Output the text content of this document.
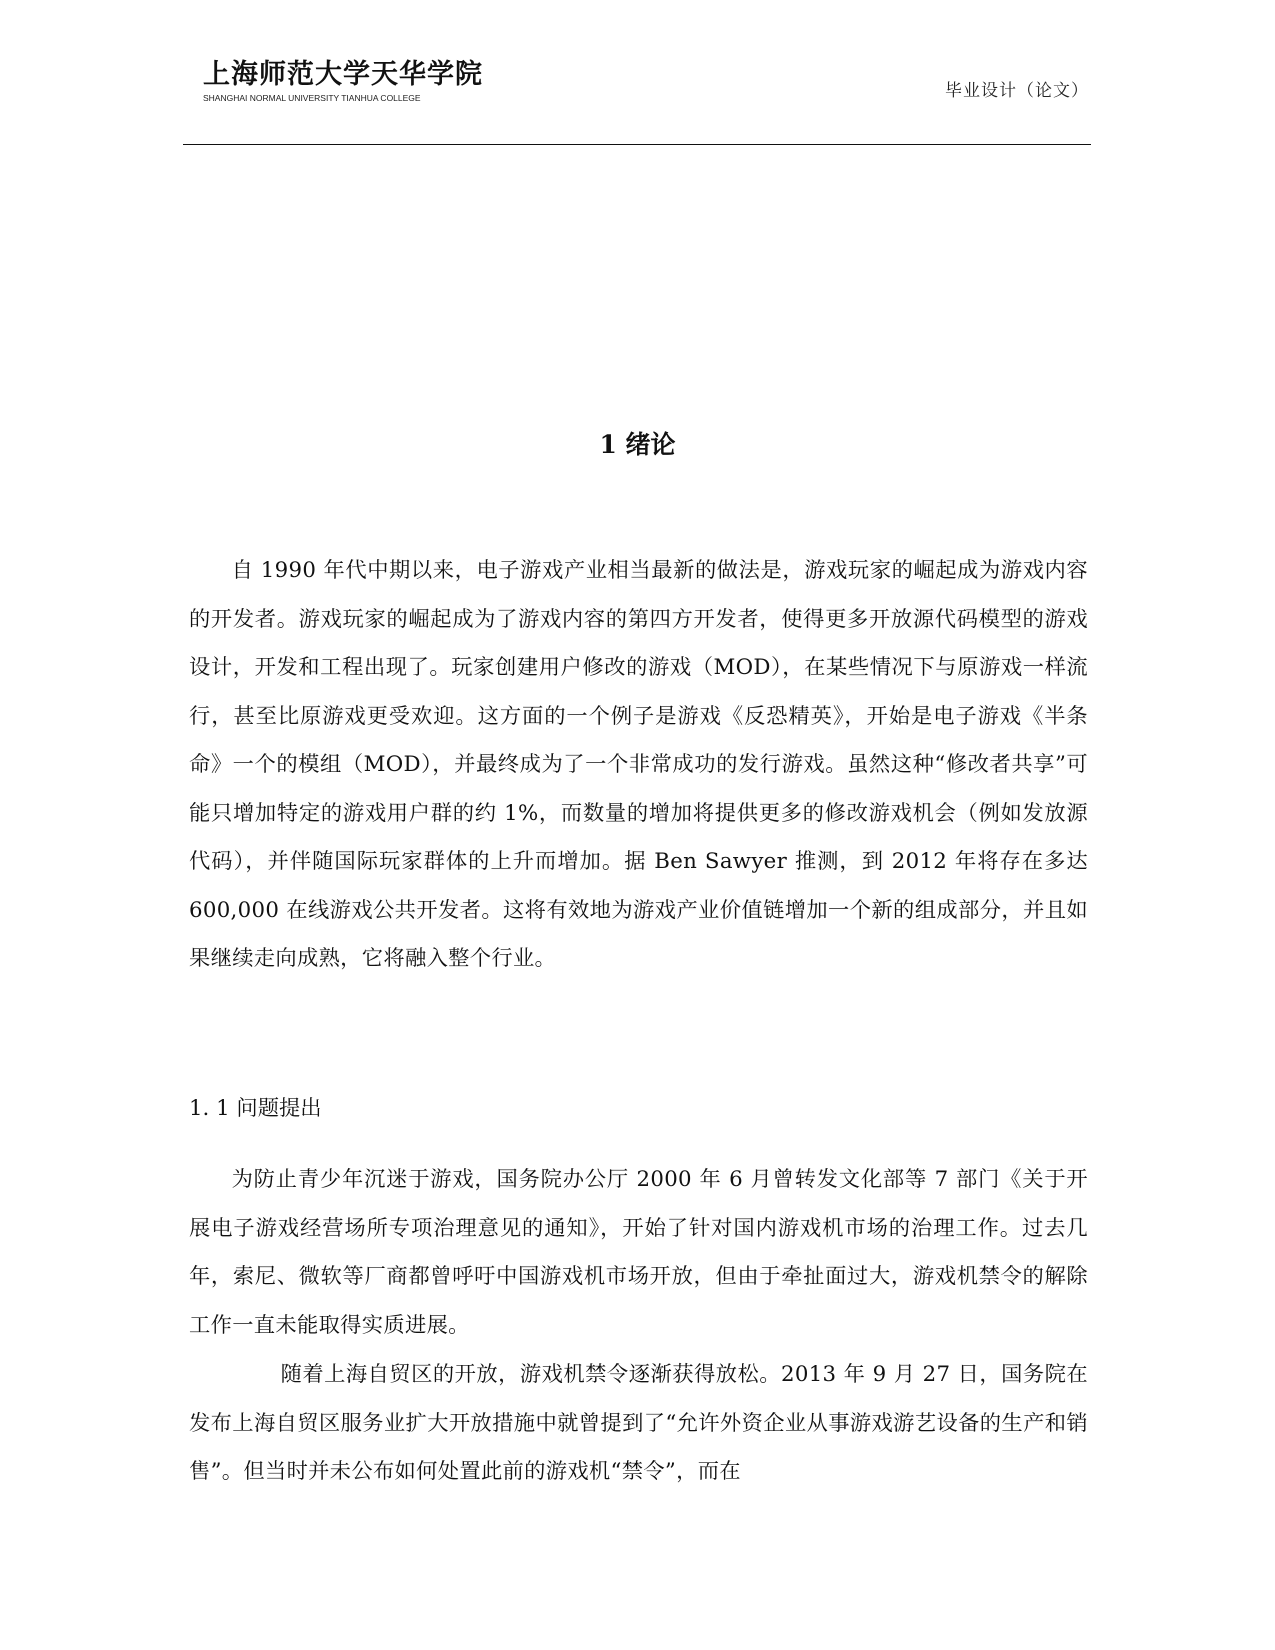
上海师范大学天华学院
SHANGHAI NORMAL UNIVERSITY TIANHUA COLLEGE	毕业设计（论文）
1 绪论

自 1990 年代中期以来，电子游戏产业相当最新的做法是，游戏玩家的崛起成为游戏内容的开发者。游戏玩家的崛起成为了游戏内容的第四方开发者，使得更多开放源代码模型的游戏设计，开发和工程出现了。玩家创建用户修改的游戏（MOD），在某些情况下与原游戏一样流行，甚至比原游戏更受欢迎。这方面的一个例子是游戏《反恐精英》，开始是电子游戏《半条命》一个的模组（MOD），并最终成为了一个非常成功的发行游戏。虽然这种“修改者共享”可能只增加特定的游戏用户群的约 1%，而数量的增加将提供更多的修改游戏机会（例如发放源代码），并伴随国际玩家群体的上升而增加。据 Ben Sawyer 推测，到 2012 年将存在多达 600,000 在线游戏公共开发者。这将有效地为游戏产业价值链增加一个新的组成部分，并且如果继续走向成熟，它将融入整个行业。

1. 1 问题提出

为防止青少年沉迷于游戏，国务院办公厅 2000 年 6 月曾转发文化部等 7 部门《关于开展电子游戏经营场所专项治理意见的通知》，开始了针对国内游戏机市场的治理工作。过去几年，索尼、微软等厂商都曾呼吁中国游戏机市场开放，但由于牵扯面过大，游戏机禁令的解除工作一直未能取得实质进展。

随着上海自贸区的开放，游戏机禁令逐渐获得放松。2013 年 9 月 27 日，国务院在发布上海自贸区服务业扩大开放措施中就曾提到了“允许外资企业从事游戏游艺设备的生产和销售”。但当时并未公布如何处置此前的游戏机“禁令”，而在
